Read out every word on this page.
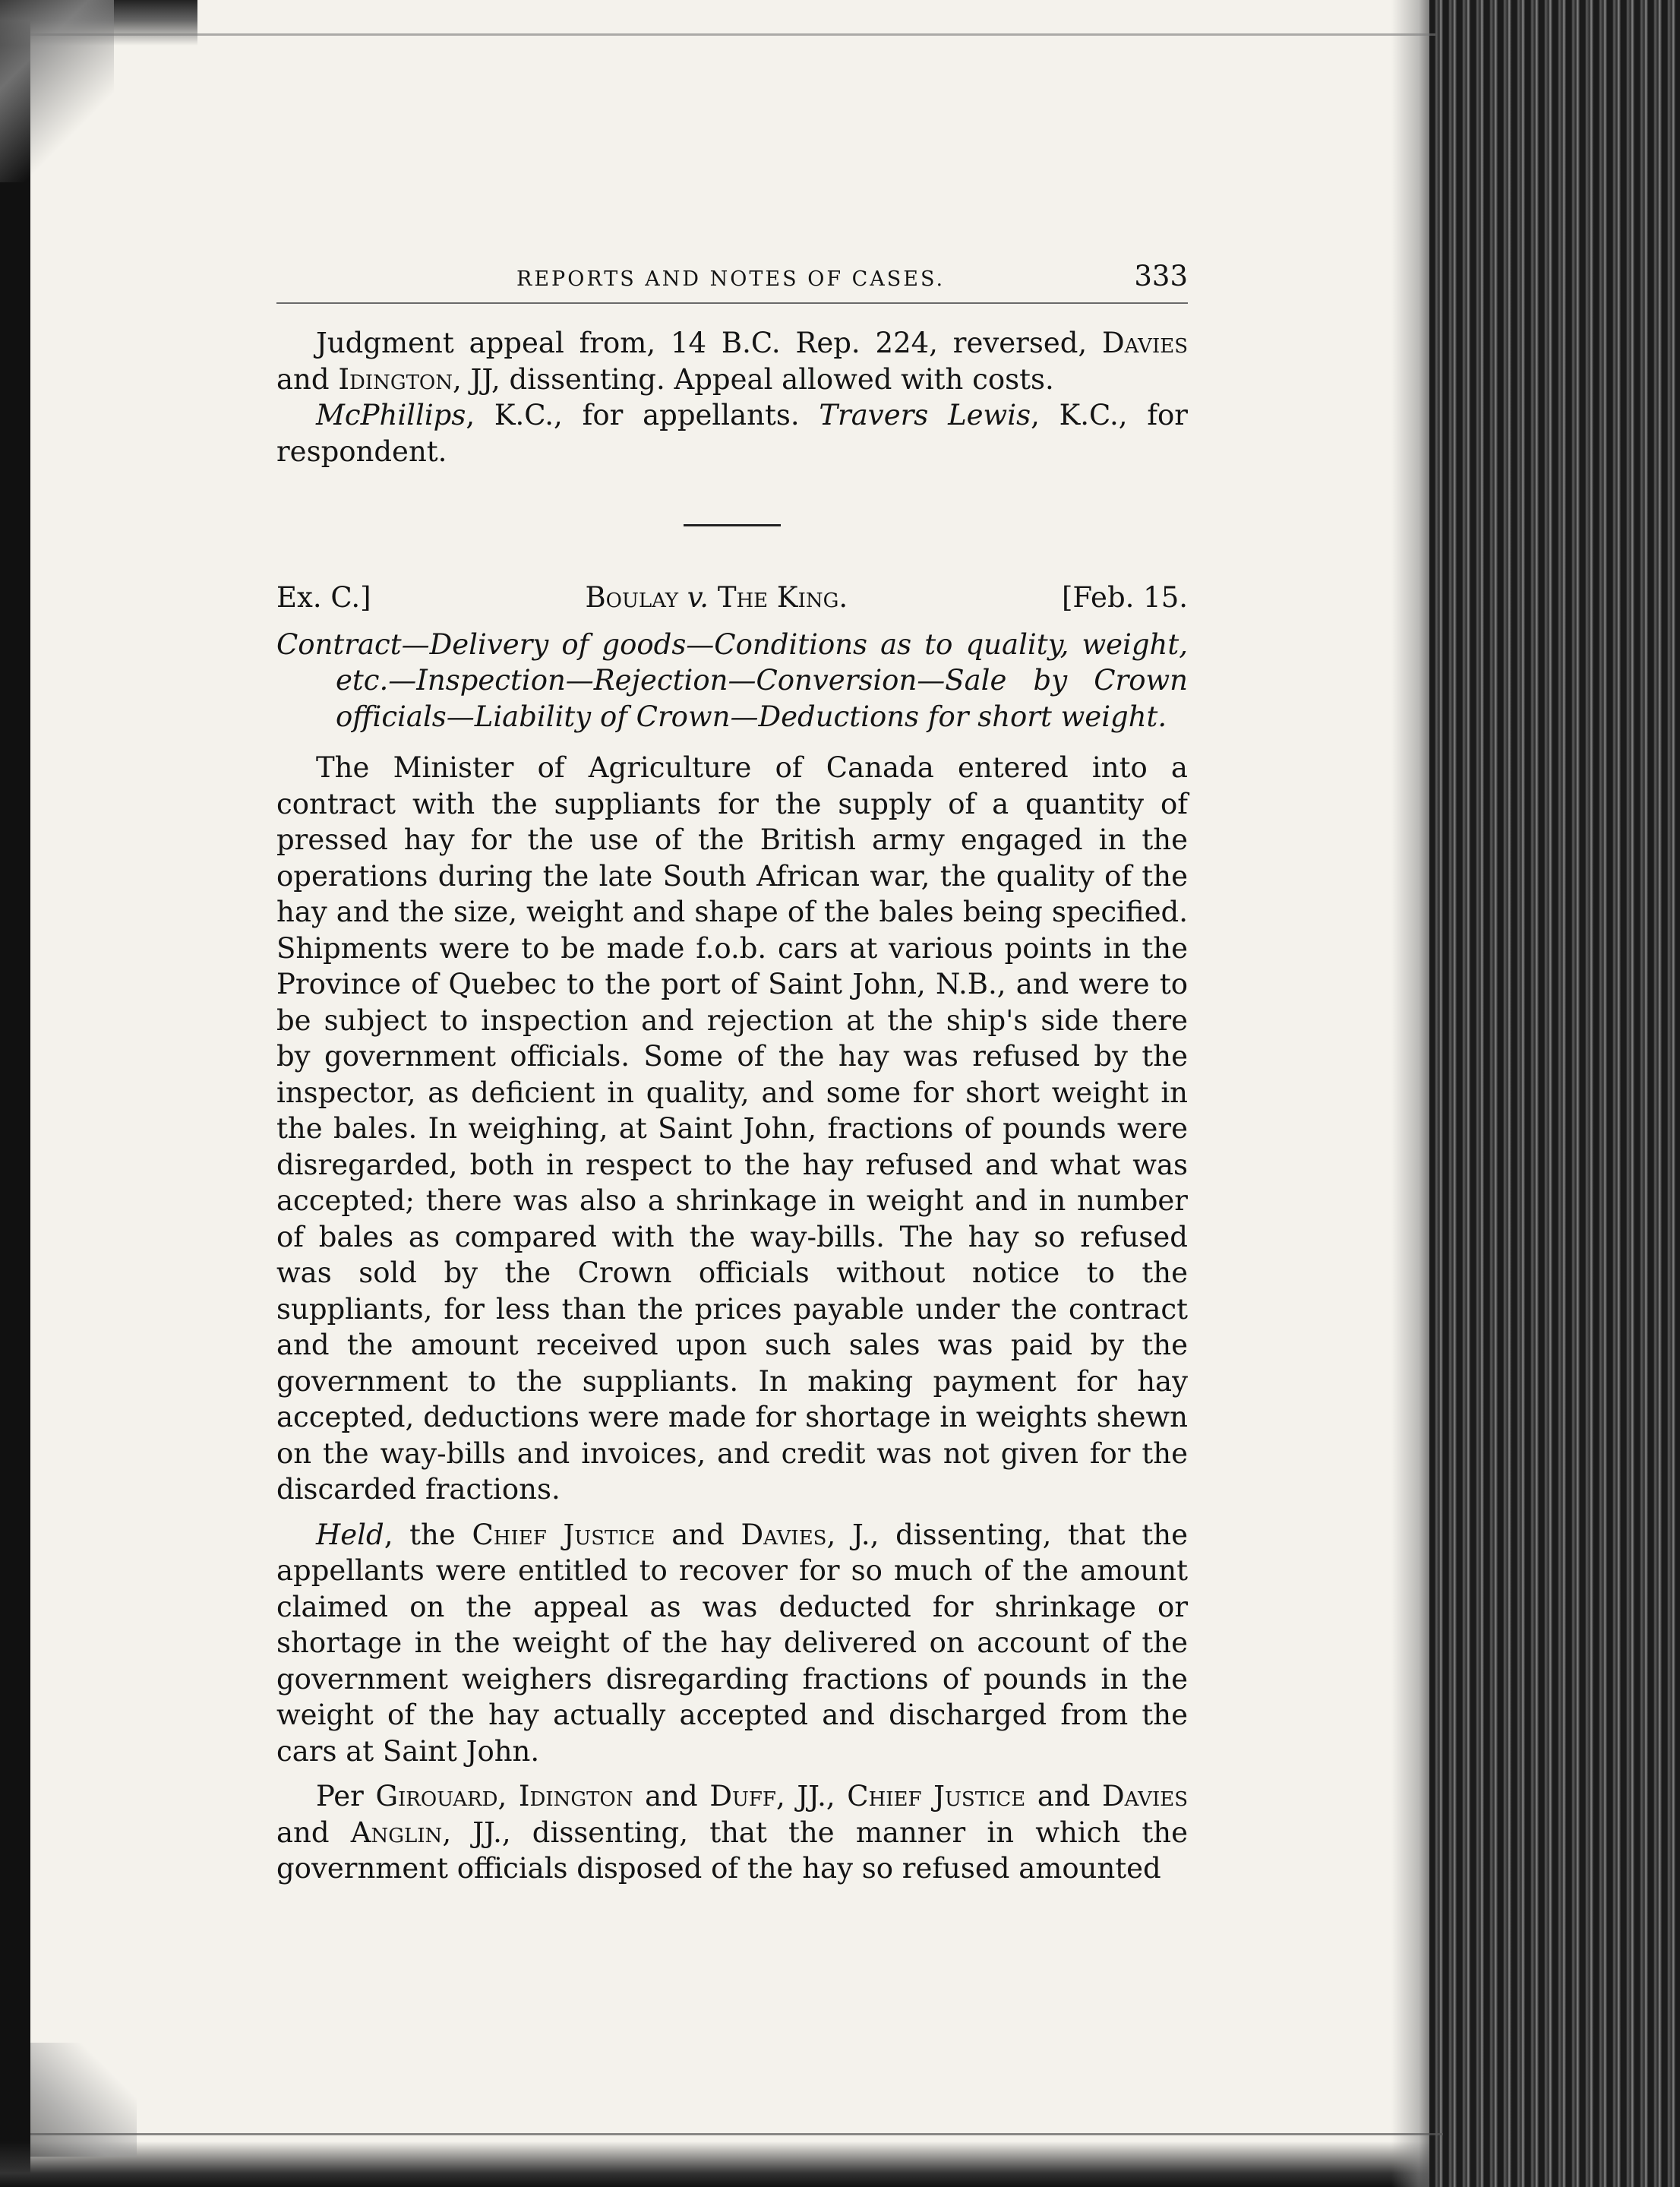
REPORTS AND NOTES OF CASES.	333

Judgment appeal from, 14 B.C. Rep. 224, reversed, Davies and Idington, JJ, dissenting. Appeal allowed with costs.

McPhillips, K.C., for appellants. Travers Lewis, K.C., for respondent.

Ex. C.]	Boulay v. The King.	[Feb. 15.

Contract—Delivery of goods—Conditions as to quality, weight, etc.—Inspection—Rejection—Conversion—Sale by Crown officials—Liability of Crown—Deductions for short weight.

The Minister of Agriculture of Canada entered into a contract with the suppliants for the supply of a quantity of pressed hay for the use of the British army engaged in the operations during the late South African war, the quality of the hay and the size, weight and shape of the bales being specified. Shipments were to be made f.o.b. cars at various points in the Province of Quebec to the port of Saint John, N.B., and were to be subject to inspection and rejection at the ship's side there by government officials. Some of the hay was refused by the inspector, as deficient in quality, and some for short weight in the bales. In weighing, at Saint John, fractions of pounds were disregarded, both in respect to the hay refused and what was accepted; there was also a shrinkage in weight and in number of bales as compared with the way-bills. The hay so refused was sold by the Crown officials without notice to the suppliants, for less than the prices payable under the contract and the amount received upon such sales was paid by the government to the suppliants. In making payment for hay accepted, deductions were made for shortage in weights shewn on the way-bills and invoices, and credit was not given for the discarded fractions.

Held, the Chief Justice and Davies, J., dissenting, that the appellants were entitled to recover for so much of the amount claimed on the appeal as was deducted for shrinkage or shortage in the weight of the hay delivered on account of the government weighers disregarding fractions of pounds in the weight of the hay actually accepted and discharged from the cars at Saint John.

Per Girouard, Idington and Duff, JJ., Chief Justice and Davies and Anglin, JJ., dissenting, that the manner in which the government officials disposed of the hay so refused amounted
